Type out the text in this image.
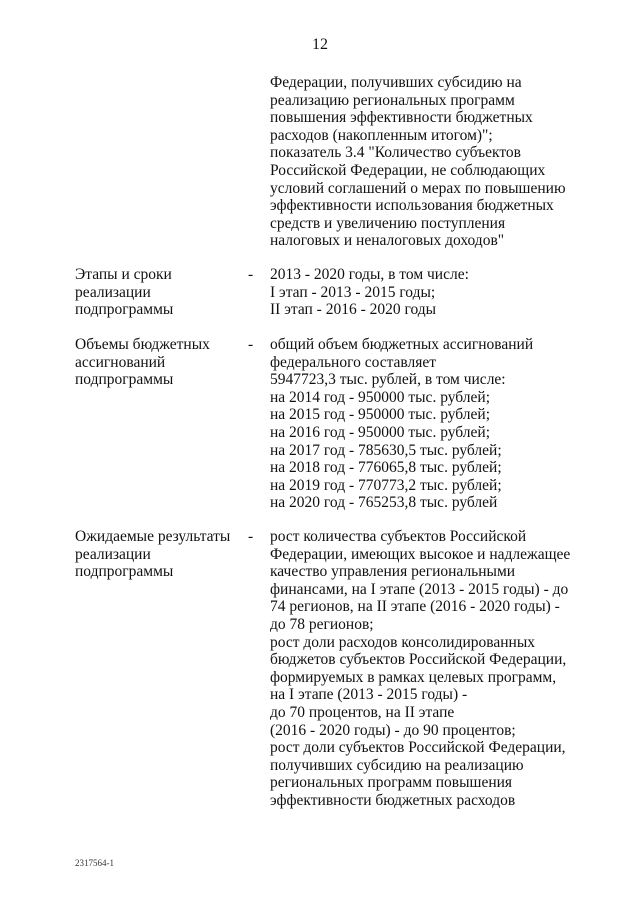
12
Федерации, получивших субсидию на
реализацию региональных программ
повышения эффективности бюджетных
расходов (накопленным итогом)";
показатель 3.4 "Количество субъектов
Российской Федерации, не соблюдающих
условий соглашений о мерах по повышению
эффективности использования бюджетных
средств и увеличению поступления
налоговых и неналоговых доходов"
Этапы и сроки
реализации
подпрограммы
- 2013 - 2020 годы, в том числе:
I этап - 2013 - 2015 годы;
II этап - 2016 - 2020 годы
Объемы бюджетных
ассигнований
подпрограммы
- общий объем бюджетных ассигнований
федерального составляет
5947723,3 тыс. рублей, в том числе:
на 2014 год - 950000 тыс. рублей;
на 2015 год - 950000 тыс. рублей;
на 2016 год - 950000 тыс. рублей;
на 2017 год - 785630,5 тыс. рублей;
на 2018 год - 776065,8 тыс. рублей;
на 2019 год - 770773,2 тыс. рублей;
на 2020 год - 765253,8 тыс. рублей
Ожидаемые результаты
реализации
подпрограммы
- рост количества субъектов Российской
Федерации, имеющих высокое и надлежащее
качество управления региональными
финансами, на I этапе (2013 - 2015 годы) - до
74 регионов, на II этапе (2016 - 2020 годы) -
до 78 регионов;
рост доли расходов консолидированных
бюджетов субъектов Российской Федерации,
формируемых в рамках целевых программ,
на I этапе (2013 - 2015 годы) -
до 70 процентов, на II этапе
(2016 - 2020 годы) - до 90 процентов;
рост доли субъектов Российской Федерации,
получивших субсидию на реализацию
региональных программ повышения
эффективности бюджетных расходов
2317564-1
